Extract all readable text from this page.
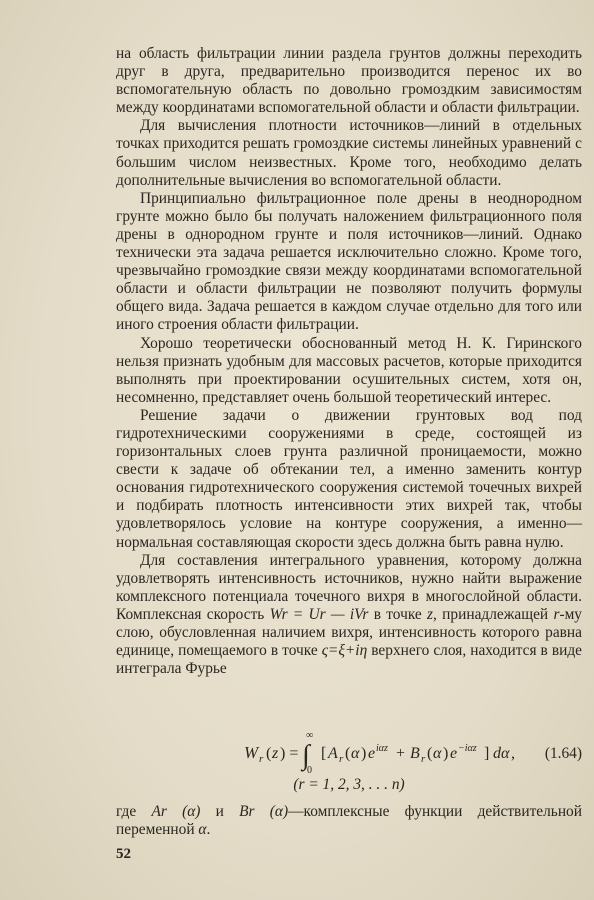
на область фильтрации линии раздела грунтов должны переходить друг в друга, предварительно производится перенос их во вспомогательную область по довольно громоздким зависимостям между координатами вспомогательной области и области фильтрации.

Для вычисления плотности источников—линий в отдельных точках приходится решать громоздкие системы линейных уравнений с большим числом неизвестных. Кроме того, необходимо делать дополнительные вычисления во вспомогательной области.

Принципиально фильтрационное поле дрены в неоднородном грунте можно было бы получать наложением фильтрационного поля дрены в однородном грунте и поля источников—линий. Однако технически эта задача решается исключительно сложно. Кроме того, чрезвычайно громоздкие связи между координатами вспомогательной области и области фильтрации не позволяют получить формулы общего вида. Задача решается в каждом случае отдельно для того или иного строения области фильтрации.

Хорошо теоретически обоснованный метод Н. К. Гиринского нельзя признать удобным для массовых расчетов, которые приходится выполнять при проектировании осушительных систем, хотя он, несомненно, представляет очень большой теоретический интерес.

Решение задачи о движении грунтовых вод под гидротехническими сооружениями в среде, состоящей из горизонтальных слоев грунта различной проницаемости, можно свести к задаче об обтекании тел, а именно заменить контур основания гидротехнического сооружения системой точечных вихрей и подбирать плотность интенсивности этих вихрей так, чтобы удовлетворялось условие на контуре сооружения, а именно—нормальная составляющая скорости здесь должна быть равна нулю.

Для составления интегрального уравнения, которому должна удовлетворять интенсивность источников, нужно найти выражение комплексного потенциала точечного вихря в многослойной области. Комплексная скорость Wr = Ur — iVr в точке z, принадлежащей r-му слою, обусловленная наличием вихря, интенсивность которого равна единице, помещаемого в точке ς=ξ+iη верхнего слоя, находится в виде интеграла Фурье

W r ( z ) =
∞
∫
0
[ A r ( α ) e iαz + B r ( α ) e −iαz ] dα , (1.64)
(r = 1, 2, 3, . . . n)
где Ar (α) и Br (α)—комплексные функции действительной переменной α.
52
